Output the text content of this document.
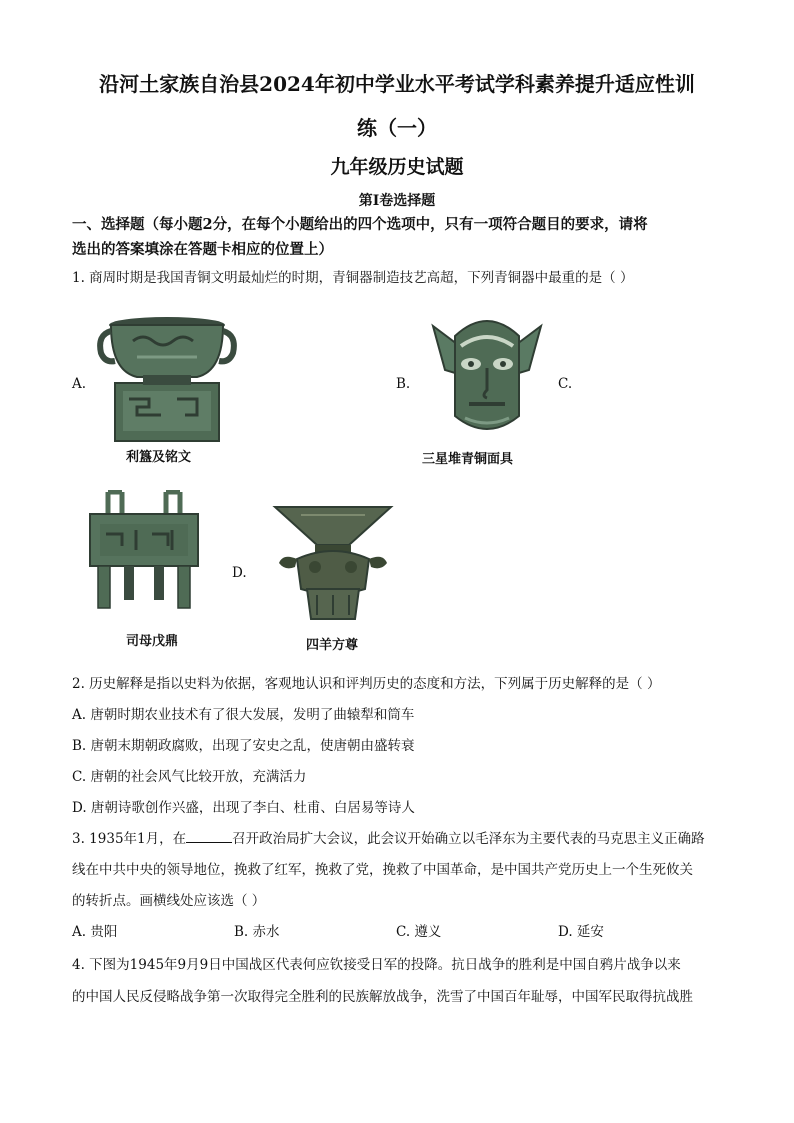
沿河土家族自治县2024年初中学业水平考试学科素养提升适应性训
练（一）
九年级历史试题
第Ⅰ卷选择题
一、选择题（每小题2分，在每个小题给出的四个选项中，只有一项符合题目的要求，请将
选出的答案填涂在答题卡相应的位置上）
1. 商周时期是我国青铜文明最灿烂的时期，青铜器制造技艺高超，下列青铜器中最重的是（ ）
A.
利簋及铭文
B.
三星堆青铜面具
C.
司母戊鼎
D.
四羊方尊
2. 历史解释是指以史料为依据，客观地认识和评判历史的态度和方法，下列属于历史解释的是（ ）
A. 唐朝时期农业技术有了很大发展，发明了曲辕犁和筒车
B. 唐朝末期朝政腐败，出现了安史之乱，使唐朝由盛转衰
C. 唐朝的社会风气比较开放，充满活力
D. 唐朝诗歌创作兴盛，出现了李白、杜甫、白居易等诗人
3. 1935年1月，在	召开政治局扩大会议，此会议开始确立以毛泽东为主要代表的马克思主义正确路
线在中共中央的领导地位，挽救了红军，挽救了党，挽救了中国革命，是中国共产党历史上一个生死攸关
的转折点。画横线处应该选（ ）
A. 贵阳	B. 赤水	C. 遵义	D. 延安
4. 下图为1945年9月9日中国战区代表何应钦接受日军的投降。抗日战争的胜利是中国自鸦片战争以来
的中国人民反侵略战争第一次取得完全胜利的民族解放战争，洗雪了中国百年耻辱，中国军民取得抗战胜
